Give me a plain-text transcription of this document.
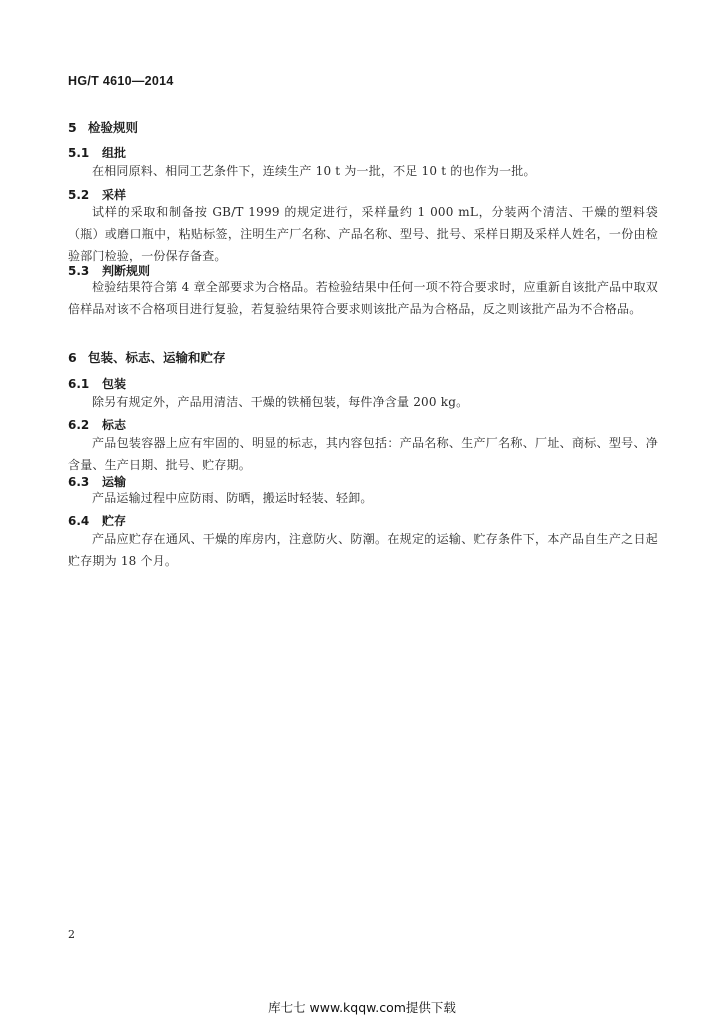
HG/T 4610—2014
5 检验规则
5.1 组批
在相同原料、相同工艺条件下，连续生产 10 t 为一批，不足 10 t 的也作为一批。
5.2 采样
试样的采取和制备按 GB/T 1999 的规定进行，采样量约 1 000 mL，分装两个清洁、干燥的塑料袋（瓶）或磨口瓶中，粘贴标签，注明生产厂名称、产品名称、型号、批号、采样日期及采样人姓名，一份由检验部门检验，一份保存备查。
5.3 判断规则
检验结果符合第 4 章全部要求为合格品。若检验结果中任何一项不符合要求时，应重新自该批产品中取双倍样品对该不合格项目进行复验，若复验结果符合要求则该批产品为合格品，反之则该批产品为不合格品。
6 包装、标志、运输和贮存
6.1 包装
除另有规定外，产品用清洁、干燥的铁桶包装，每件净含量 200 kg。
6.2 标志
产品包装容器上应有牢固的、明显的标志，其内容包括：产品名称、生产厂名称、厂址、商标、型号、净含量、生产日期、批号、贮存期。
6.3 运输
产品运输过程中应防雨、防晒，搬运时轻装、轻卸。
6.4 贮存
产品应贮存在通风、干燥的库房内，注意防火、防潮。在规定的运输、贮存条件下，本产品自生产之日起贮存期为 18 个月。
2
库七七 www.kqqw.com提供下载
